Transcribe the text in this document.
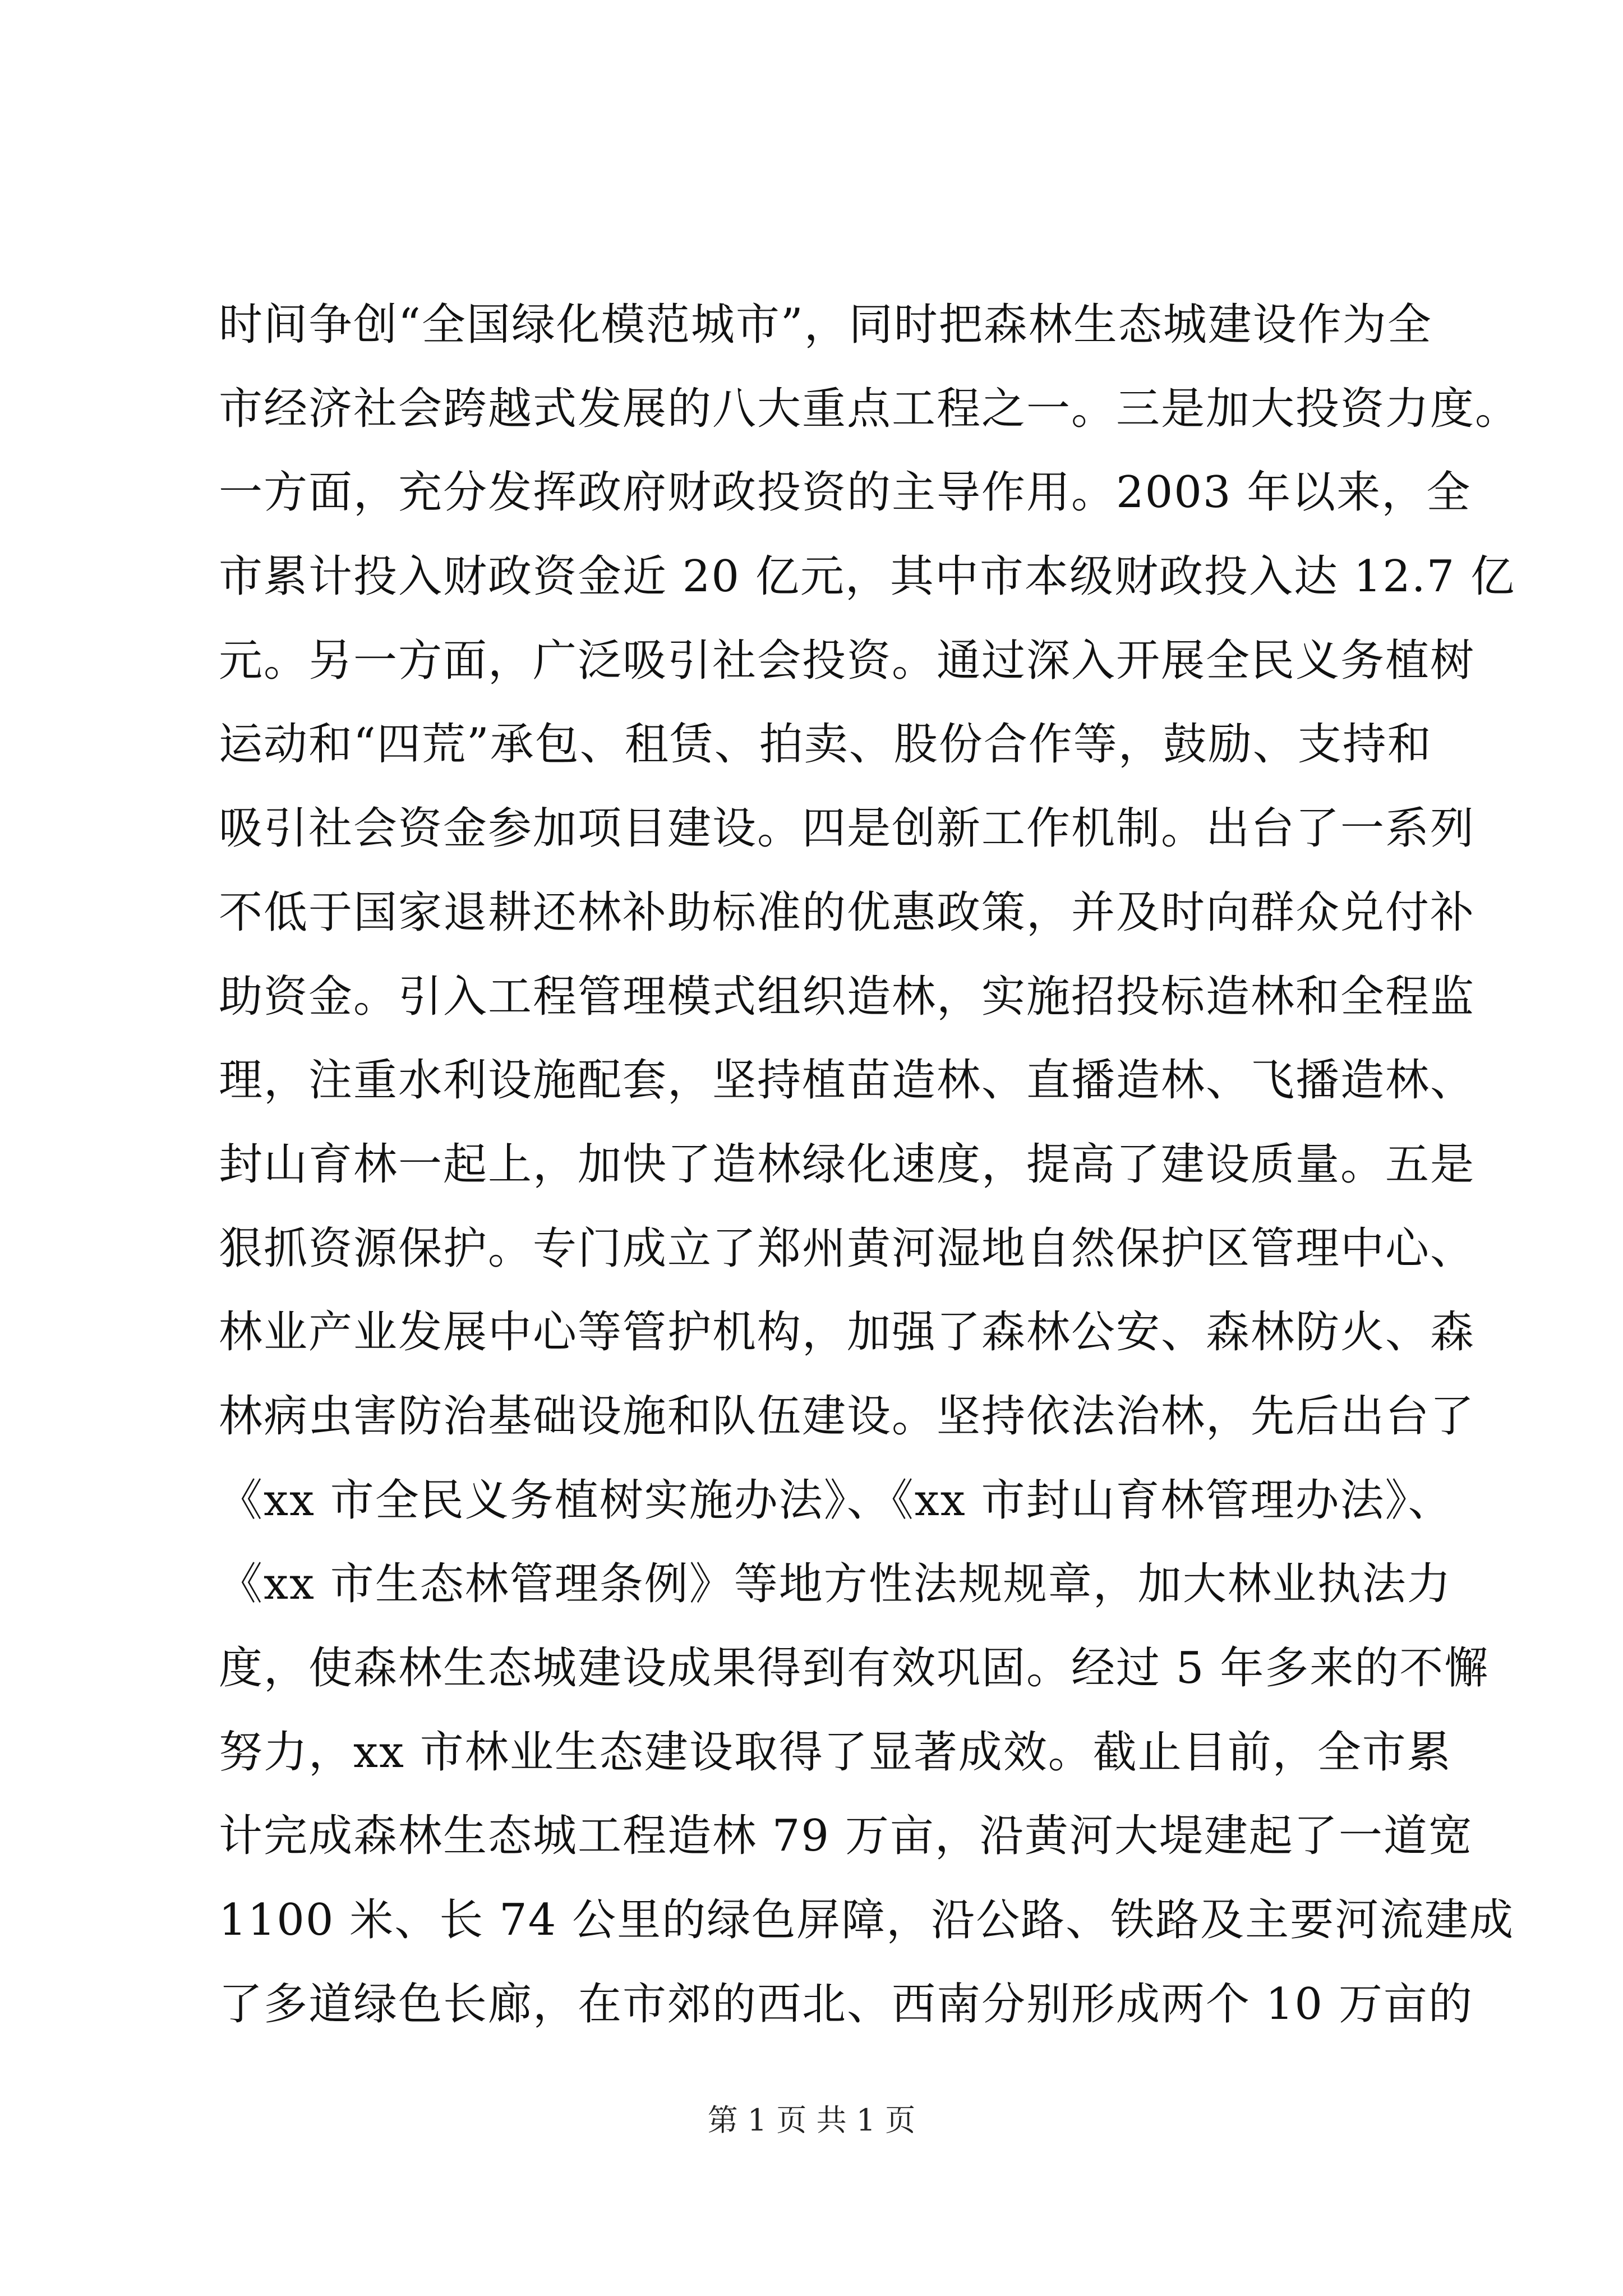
时间争创“全国绿化模范城市”，同时把森林生态城建设作为全
市经济社会跨越式发展的八大重点工程之一。三是加大投资力度。
一方面，充分发挥政府财政投资的主导作用。2003 年以来，全
市累计投入财政资金近 20 亿元，其中市本级财政投入达 12.7 亿
元。另一方面，广泛吸引社会投资。通过深入开展全民义务植树
运动和“四荒”承包、租赁、拍卖、股份合作等，鼓励、支持和
吸引社会资金参加项目建设。四是创新工作机制。出台了一系列
不低于国家退耕还林补助标准的优惠政策，并及时向群众兑付补
助资金。引入工程管理模式组织造林，实施招投标造林和全程监
理，注重水利设施配套，坚持植苗造林、直播造林、飞播造林、
封山育林一起上，加快了造林绿化速度，提高了建设质量。五是
狠抓资源保护。专门成立了郑州黄河湿地自然保护区管理中心、
林业产业发展中心等管护机构，加强了森林公安、森林防火、森
林病虫害防治基础设施和队伍建设。坚持依法治林，先后出台了
《xx 市全民义务植树实施办法》、《xx 市封山育林管理办法》、
《xx 市生态林管理条例》等地方性法规规章，加大林业执法力
度，使森林生态城建设成果得到有效巩固。经过 5 年多来的不懈
努力，xx 市林业生态建设取得了显著成效。截止目前，全市累
计完成森林生态城工程造林 79 万亩，沿黄河大堤建起了一道宽
1100 米、长 74 公里的绿色屏障，沿公路、铁路及主要河流建成
了多道绿色长廊，在市郊的西北、西南分别形成两个 10 万亩的
第 1 页 共 1 页
